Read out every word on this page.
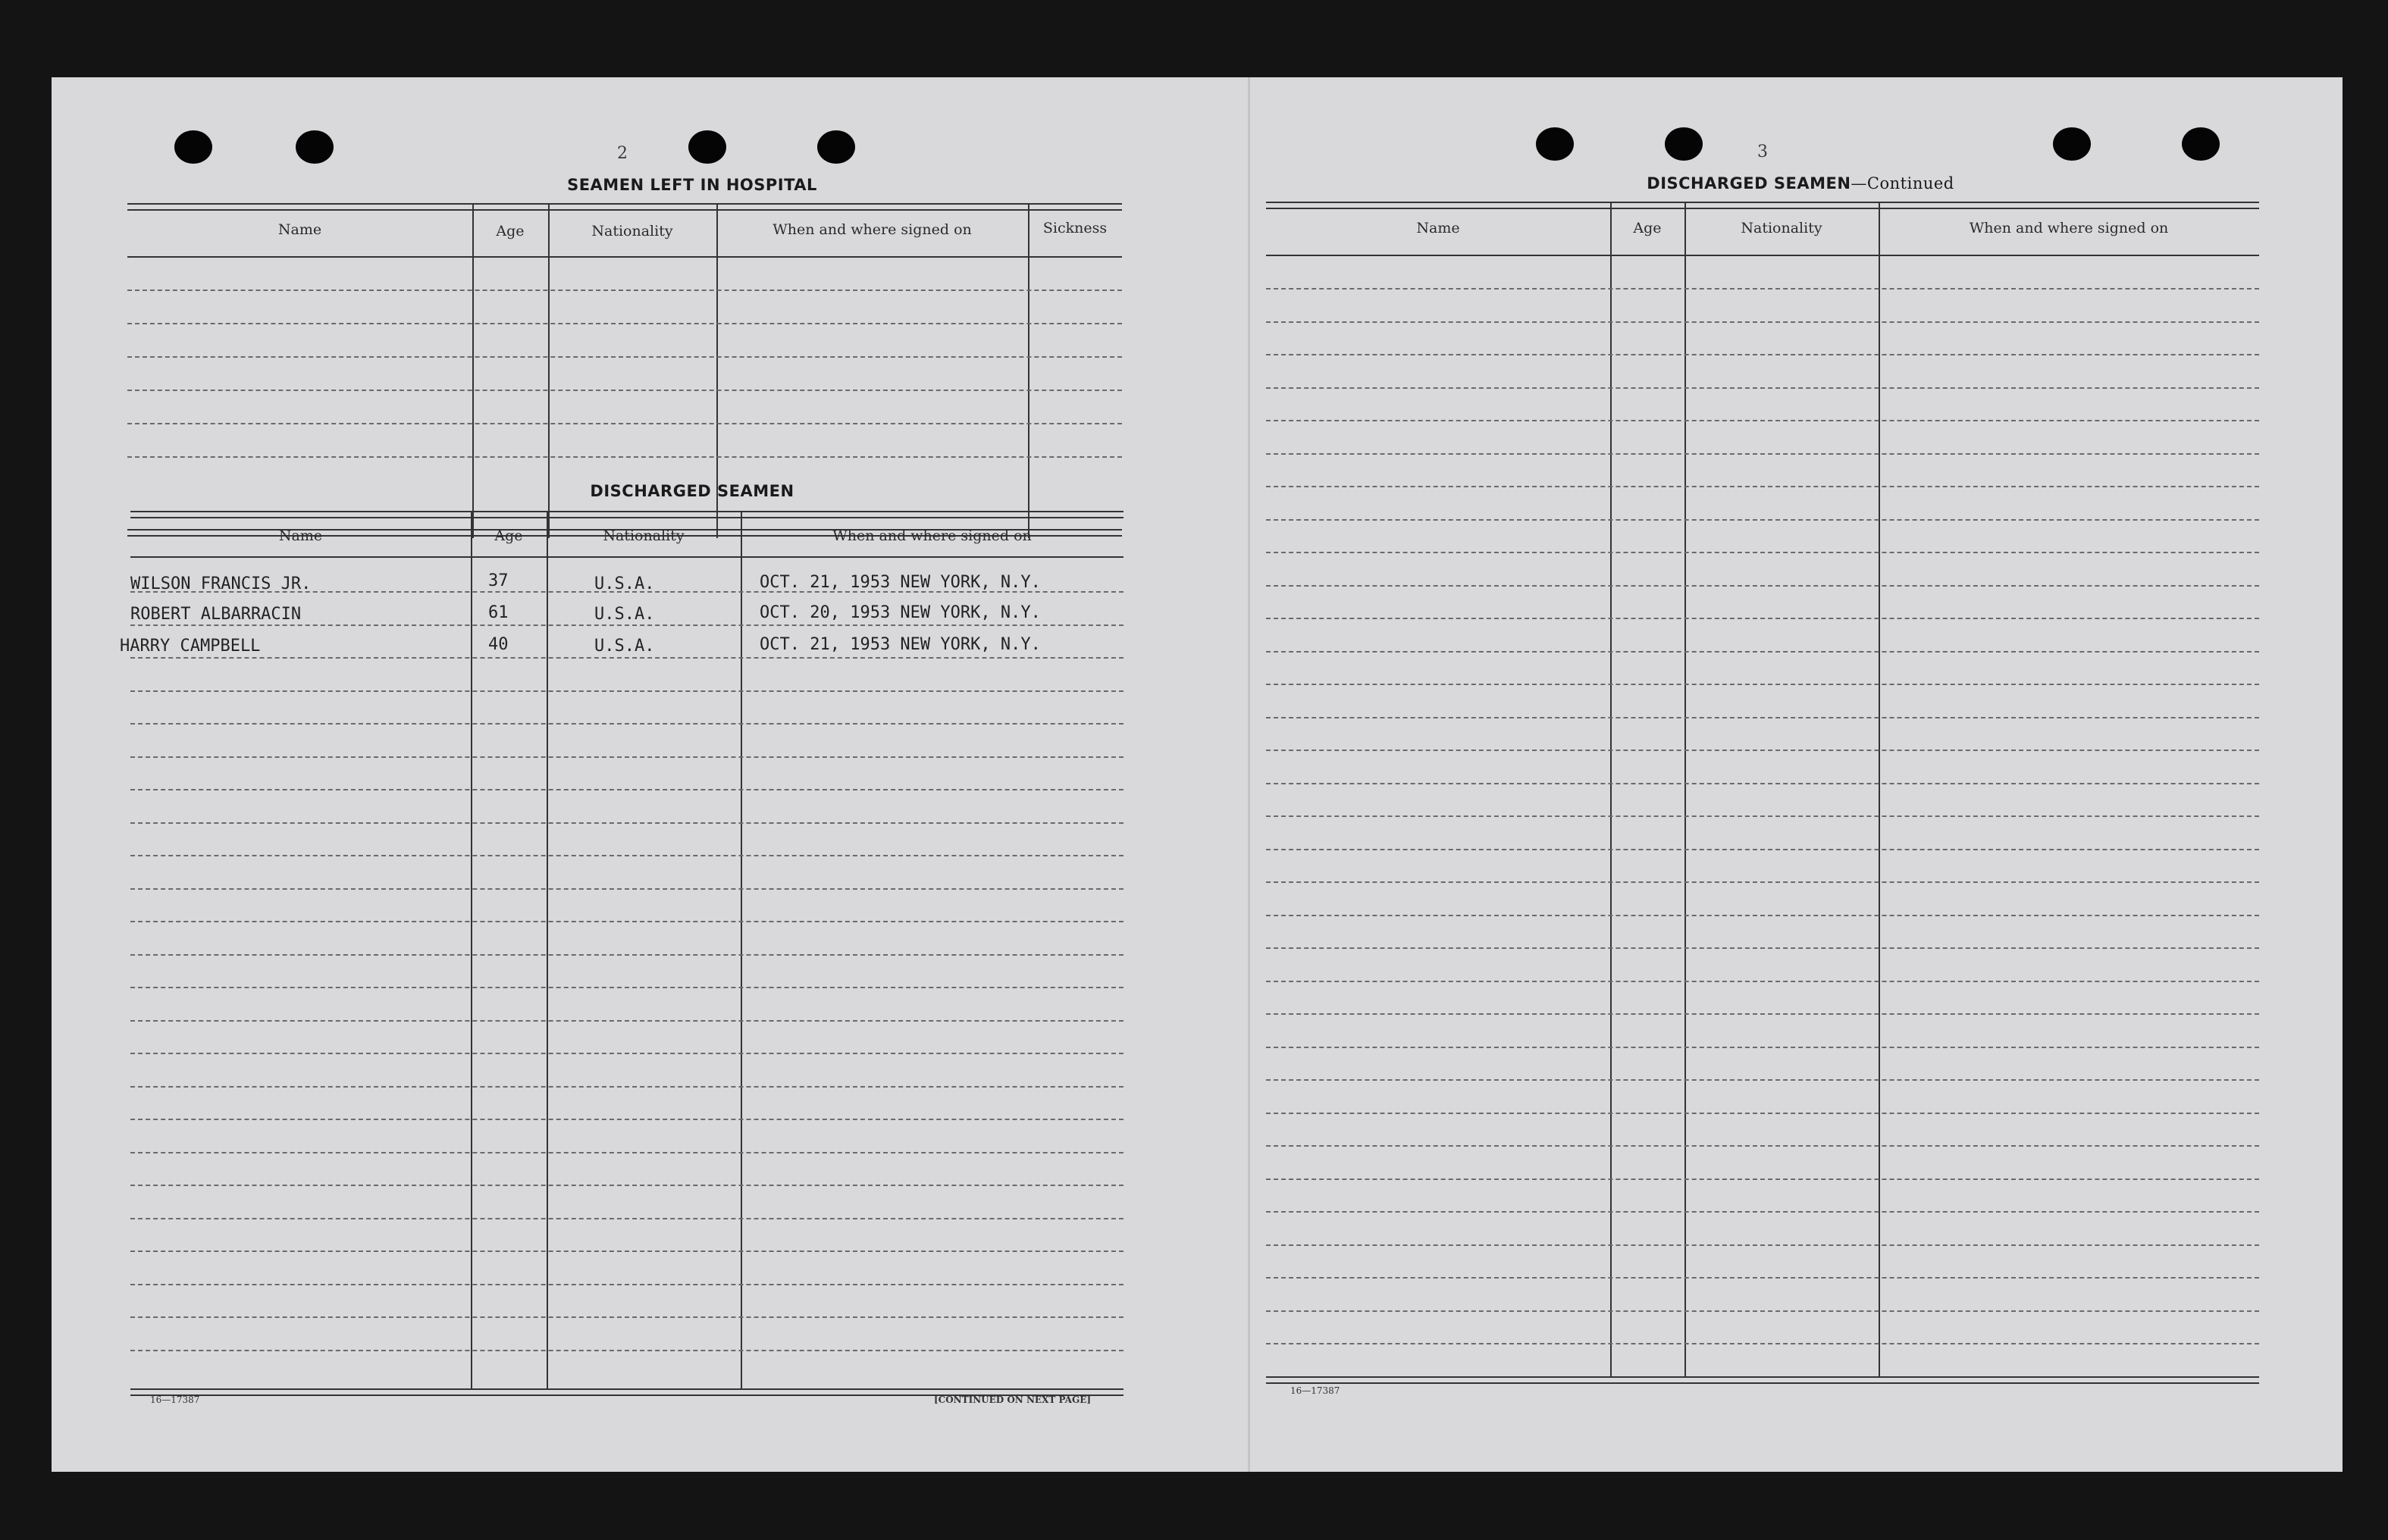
2
SEAMEN LEFT IN HOSPITAL
Name	Age	Nationality	When and where signed on	Sickness
DISCHARGED SEAMEN
Name	Age	Nationality	When and where signed on
WILSON FRANCIS JR.	37	U.S.A.	OCT. 21, 1953 NEW YORK, N.Y.
ROBERT ALBARRACIN	61	U.S.A.	OCT. 20, 1953 NEW YORK, N.Y.
HARRY CAMPBELL	40	U.S.A.	OCT. 21, 1953 NEW YORK, N.Y.
16—17387	[CONTINUED ON NEXT PAGE]
3
DISCHARGED SEAMEN—Continued
Name	Age	Nationality	When and where signed on
16—17387
